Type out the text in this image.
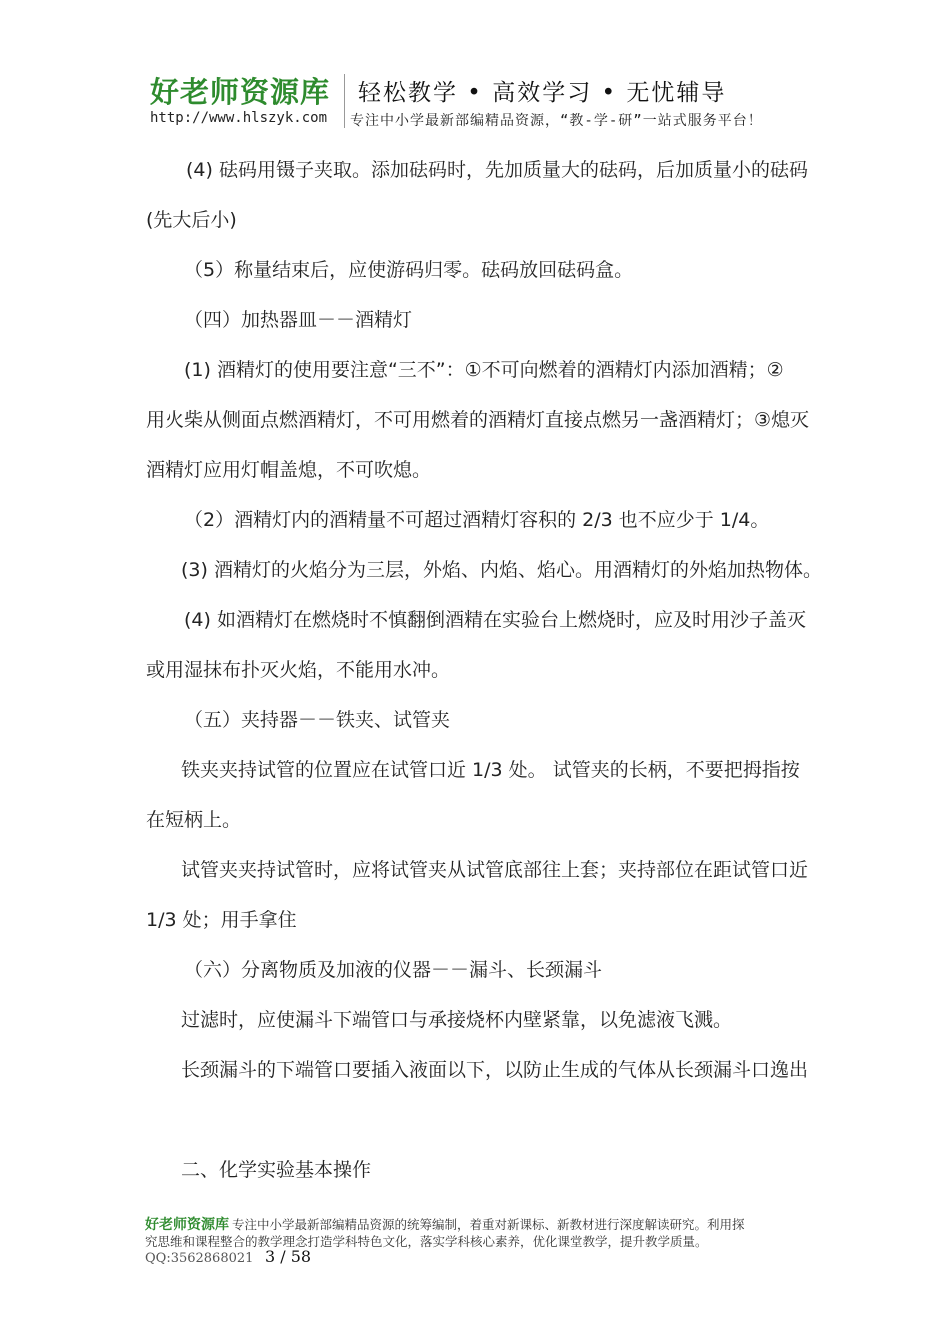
好老师资源库 轻松教学 • 高效学习 • 无忧辅导
http://www.hlszyk.com 专注中小学最新部编精品资源，“教-学-研”一站式服务平台！
(4) 砝码用镊子夹取。添加砝码时，先加质量大的砝码，后加质量小的砝码
(先大后小)
（5）称量结束后，应使游码归零。砝码放回砝码盒。
（四）加热器皿－－酒精灯
(1) 酒精灯的使用要注意“三不”：①不可向燃着的酒精灯内添加酒精；②
用火柴从侧面点燃酒精灯，不可用燃着的酒精灯直接点燃另一盏酒精灯；③熄灭
酒精灯应用灯帽盖熄，不可吹熄。
（2）酒精灯内的酒精量不可超过酒精灯容积的 2/3 也不应少于 1/4。
(3) 酒精灯的火焰分为三层，外焰、内焰、焰心。用酒精灯的外焰加热物体。
(4) 如酒精灯在燃烧时不慎翻倒酒精在实验台上燃烧时，应及时用沙子盖灭
或用湿抹布扑灭火焰，不能用水冲。
（五）夹持器－－铁夹、试管夹
铁夹夹持试管的位置应在试管口近 1/3 处。 试管夹的长柄，不要把拇指按
在短柄上。
试管夹夹持试管时，应将试管夹从试管底部往上套；夹持部位在距试管口近
1/3 处；用手拿住
（六）分离物质及加液的仪器－－漏斗、长颈漏斗
过滤时，应使漏斗下端管口与承接烧杯内壁紧靠，以免滤液飞溅。
长颈漏斗的下端管口要插入液面以下，以防止生成的气体从长颈漏斗口逸出
二、化学实验基本操作
好老师资源库 专注中小学最新部编精品资源的统筹编制，着重对新课标、新教材进行深度解读研究。利用探
究思维和课程整合的教学理念打造学科特色文化，落实学科核心素养，优化课堂教学，提升教学质量。
QQ:3562868021 3 / 58
